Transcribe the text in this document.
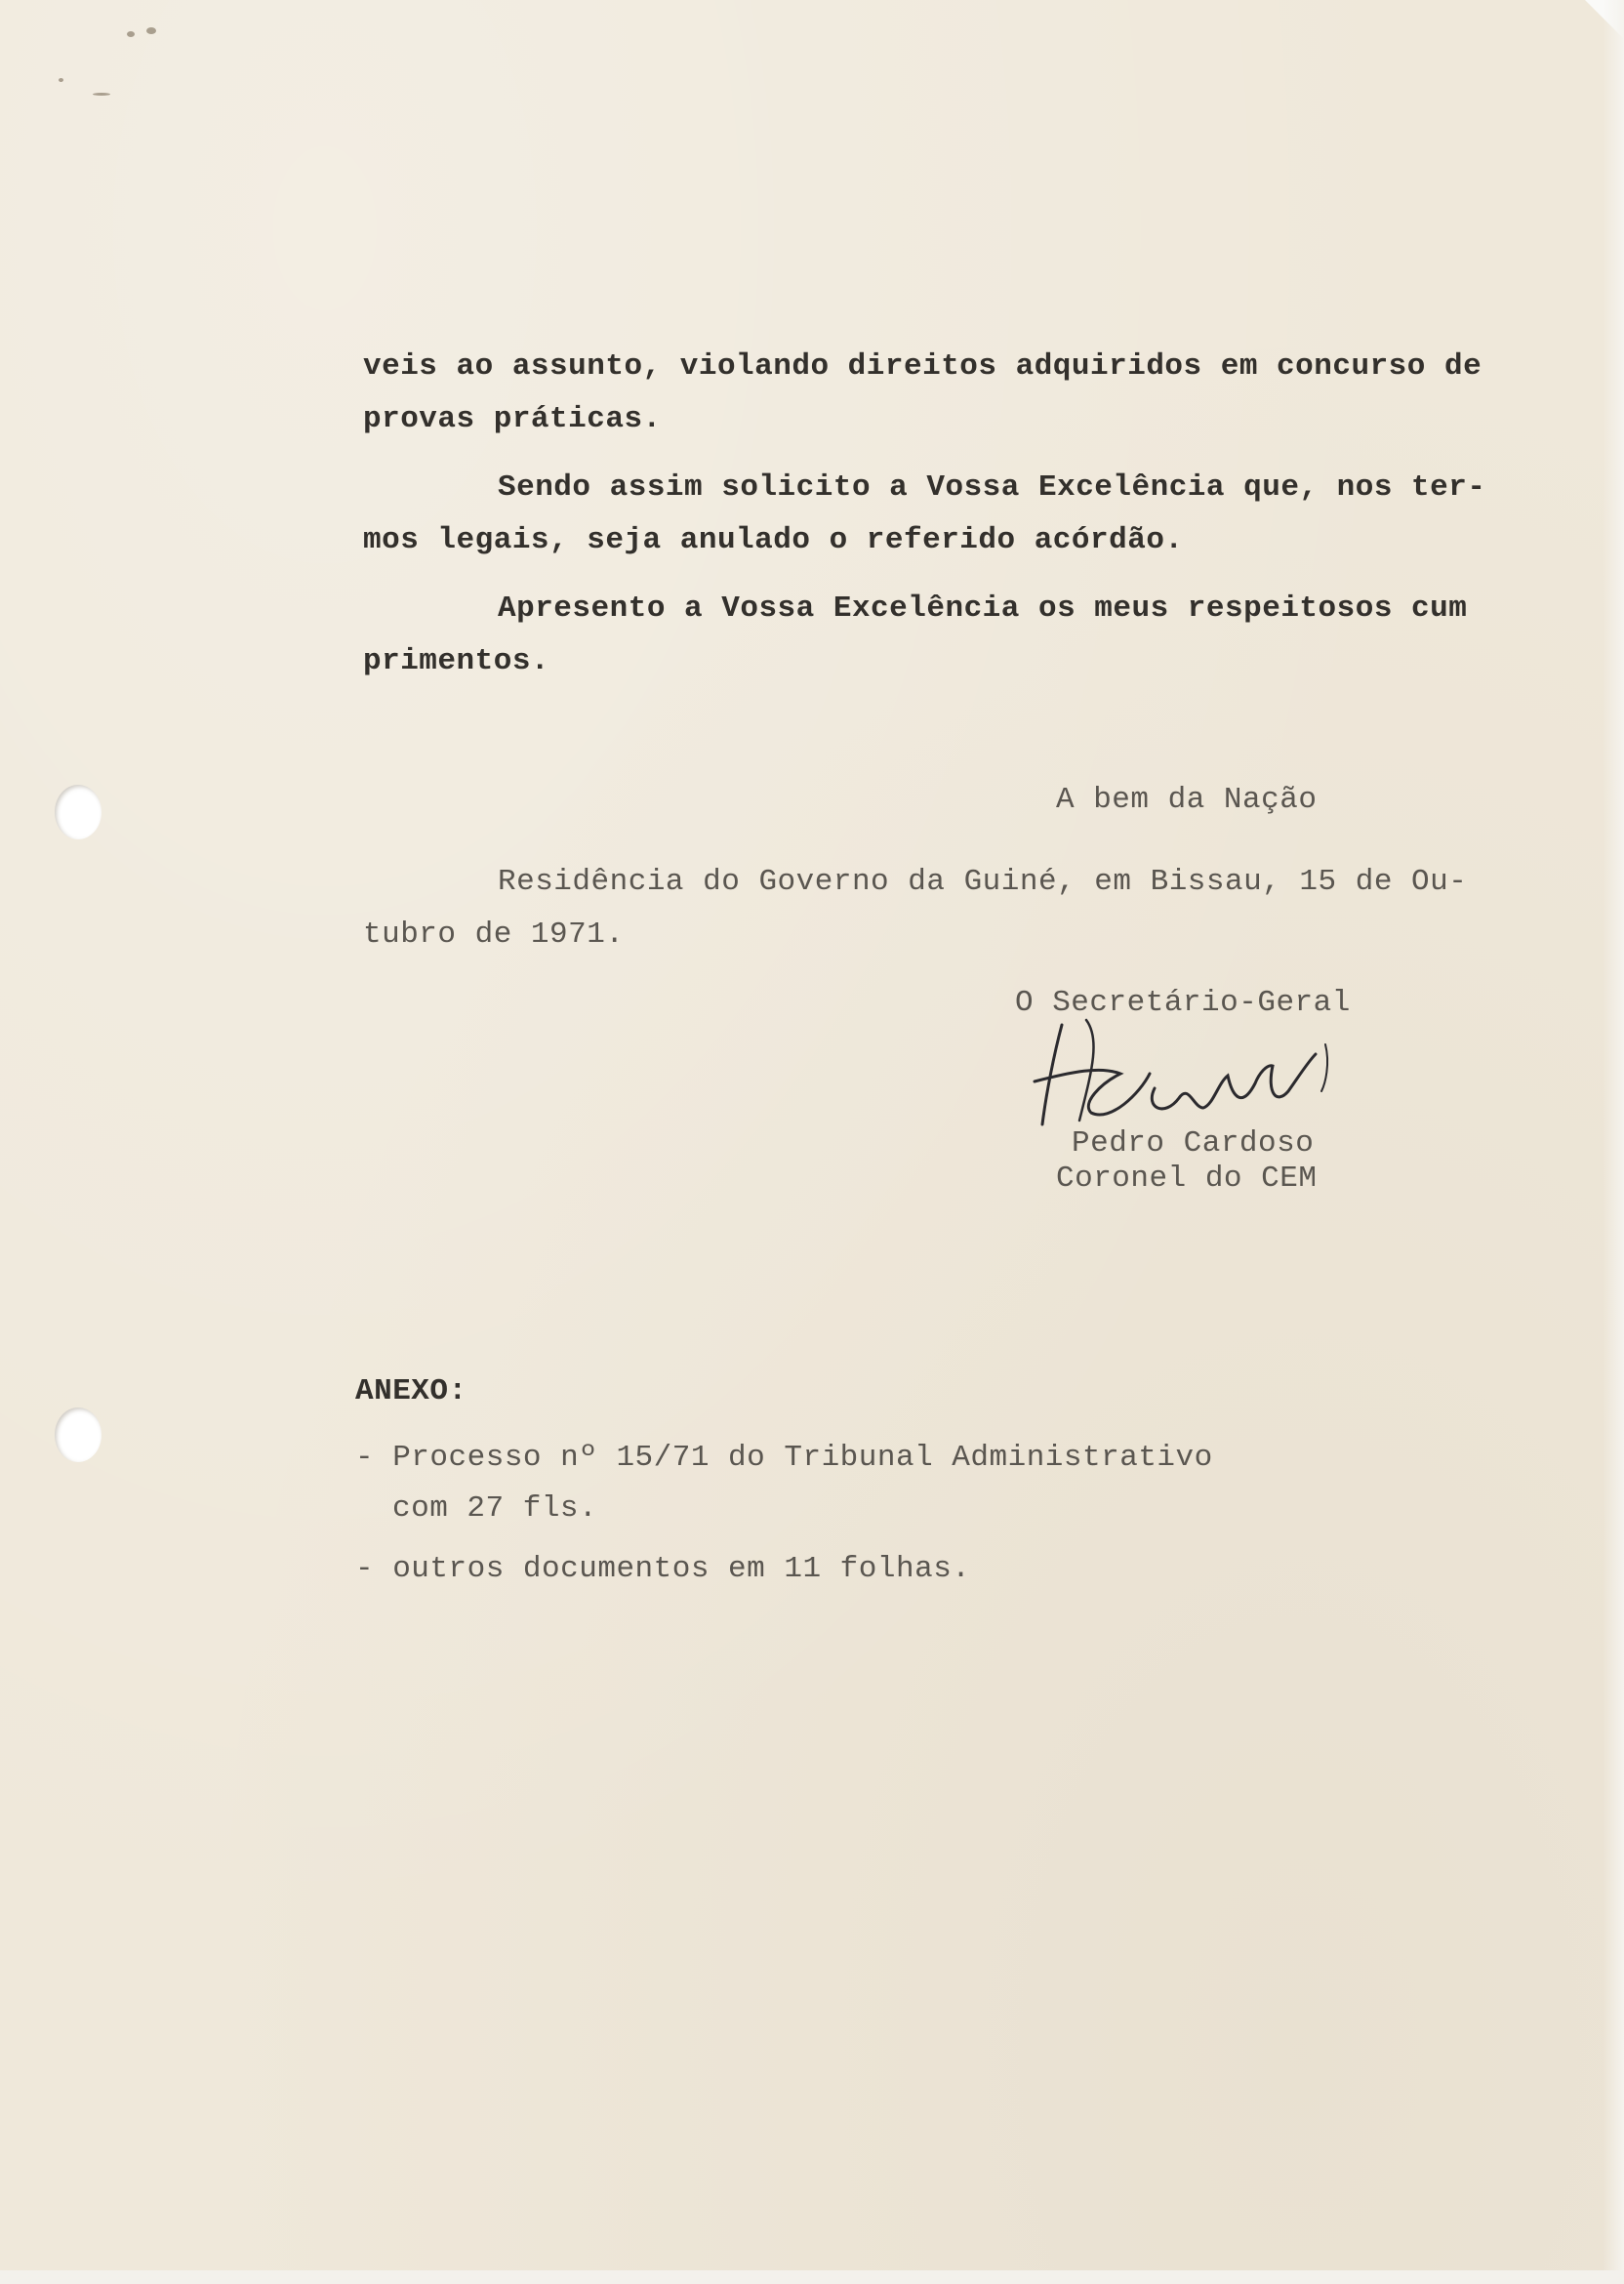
veis ao assunto, violando direitos adquiridos em concurso de
provas práticas.
Sendo assim solicito a Vossa Excelência que, nos ter-
mos legais, seja anulado o referido acórdão.
Apresento a Vossa Excelência os meus respeitosos cum
primentos.
A bem da Nação
Residência do Governo da Guiné, em Bissau, 15 de Ou-
tubro de 1971.
O Secretário-Geral
Pedro Cardoso
Coronel do CEM
ANEXO:
- Processo nº 15/71 do Tribunal Administrativo
com 27 fls.
- outros documentos em 11 folhas.
